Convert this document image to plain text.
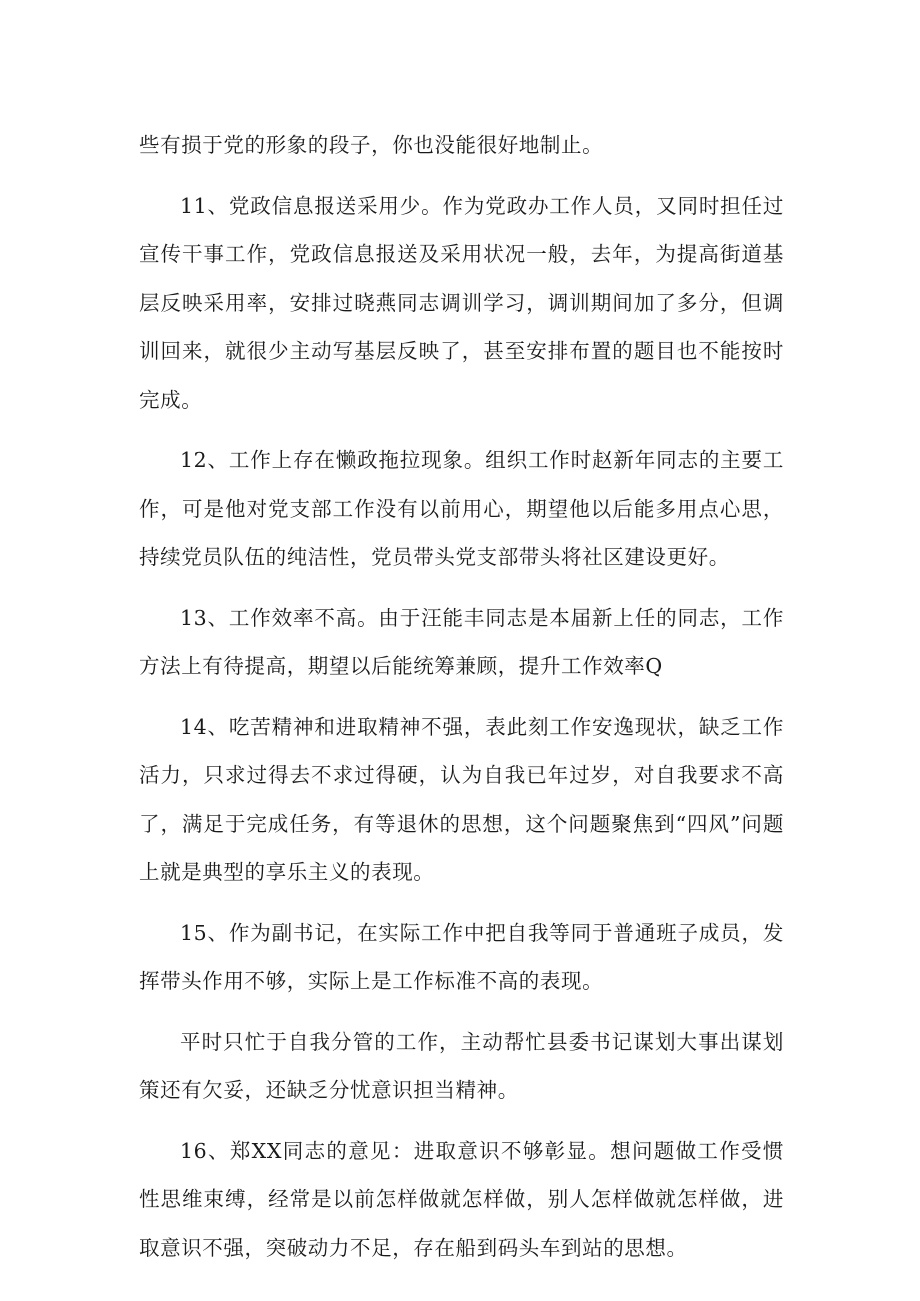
些有损于党的形象的段子，你也没能很好地制止。

11、党政信息报送采用少。作为党政办工作人员，又同时担任过宣传干事工作，党政信息报送及采用状况一般，去年，为提高街道基层反映采用率，安排过晓燕同志调训学习，调训期间加了多分，但调训回来，就很少主动写基层反映了，甚至安排布置的题目也不能按时完成。

12、工作上存在懒政拖拉现象。组织工作时赵新年同志的主要工作，可是他对党支部工作没有以前用心，期望他以后能多用点心思，持续党员队伍的纯洁性，党员带头党支部带头将社区建设更好。

13、工作效率不高。由于汪能丰同志是本届新上任的同志，工作方法上有待提高，期望以后能统筹兼顾，提升工作效率Q

14、吃苦精神和进取精神不强，表此刻工作安逸现状，缺乏工作活力，只求过得去不求过得硬，认为自我已年过岁，对自我要求不高了，满足于完成任务，有等退休的思想，这个问题聚焦到“四风”问题上就是典型的享乐主义的表现。

15、作为副书记，在实际工作中把自我等同于普通班子成员，发挥带头作用不够，实际上是工作标准不高的表现。

平时只忙于自我分管的工作，主动帮忙县委书记谋划大事出谋划策还有欠妥，还缺乏分忧意识担当精神。

16、郑XX同志的意见：进取意识不够彰显。想问题做工作受惯性思维束缚，经常是以前怎样做就怎样做，别人怎样做就怎样做，进取意识不强，突破动力不足，存在船到码头车到站的思想。
